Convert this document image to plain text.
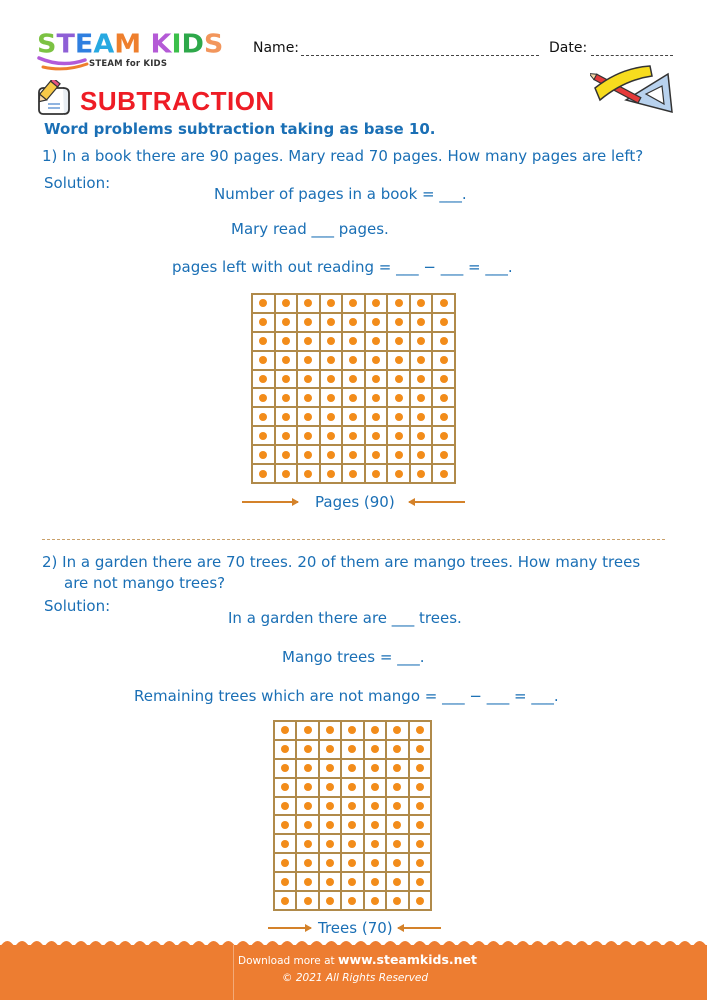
STEAM KIDS
STEAM for KIDS
Name:	Date:
SUBTRACTION
Word problems subtraction taking as base 10.
1) In a book there are 90 pages. Mary read 70 pages. How many pages are left?
Solution:
Number of pages in a book = ___.
Mary read ___ pages.
pages left with out reading = ___ − ___ = ___.
Pages (90)
2) In a garden there are 70 trees. 20 of them are mango trees. How many trees
are not mango trees?
Solution:
In a garden there are ___ trees.
Mango trees = ___.
Remaining trees which are not mango = ___ − ___ = ___.
Trees (70)
Download more at www.steamkids.net
© 2021 All Rights Reserved
